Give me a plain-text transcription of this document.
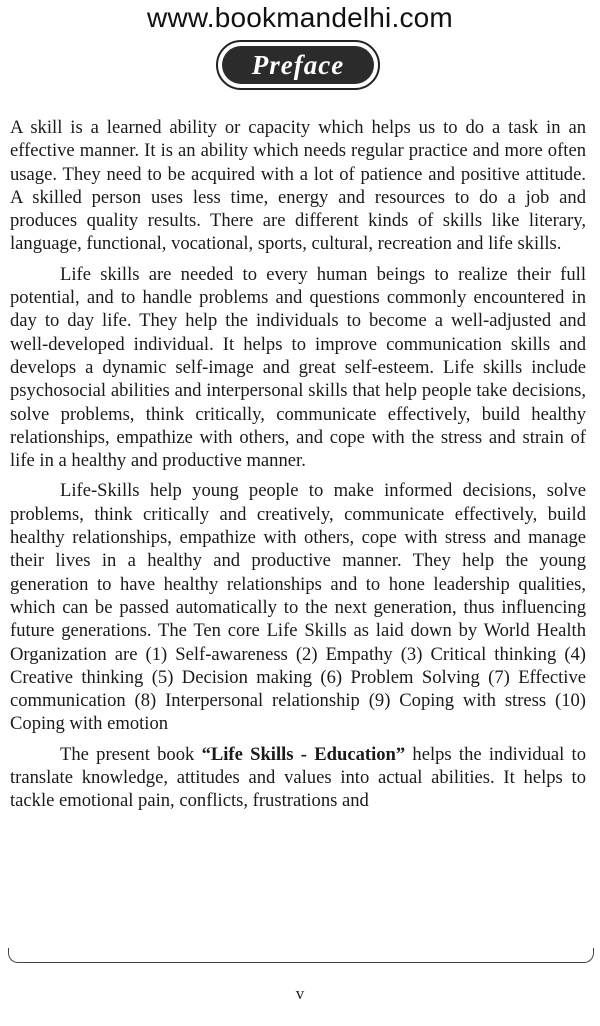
www.bookmandelhi.com
Preface

A skill is a learned ability or capacity which helps us to do a task in an effective manner. It is an ability which needs regular practice and more often usage. They need to be acquired with a lot of patience and positive attitude. A skilled person uses less time, energy and resources to do a job and produces quality results. There are different kinds of skills like literary, language, functional, vocational, sports, cultural, recreation and life skills.

Life skills are needed to every human beings to realize their full potential, and to handle problems and questions commonly encountered in day to day life. They help the individuals to become a well-adjusted and well-developed individual. It helps to improve communication skills and develops a dynamic self-image and great self-esteem. Life skills include psychosocial abilities and interpersonal skills that help people take decisions, solve problems, think critically, communicate effectively, build healthy relationships, empathize with others, and cope with the stress and strain of life in a healthy and productive manner.

Life-Skills help young people to make informed decisions, solve problems, think critically and creatively, communicate effectively, build healthy relationships, empathize with others, cope with stress and manage their lives in a healthy and productive manner. They help the young generation to have healthy relationships and to hone leadership qualities, which can be passed automatically to the next generation, thus influencing future generations. The Ten core Life Skills as laid down by World Health Organization are (1) Self-awareness (2) Empathy (3) Critical thinking (4) Creative thinking (5) Decision making (6) Problem Solving (7) Effective communication (8) Interpersonal relationship (9) Coping with stress (10) Coping with emotion

The present book “Life Skills - Education” helps the individual to translate knowledge, attitudes and values into actual abilities. It helps to tackle emotional pain, conflicts, frustrations and

v
